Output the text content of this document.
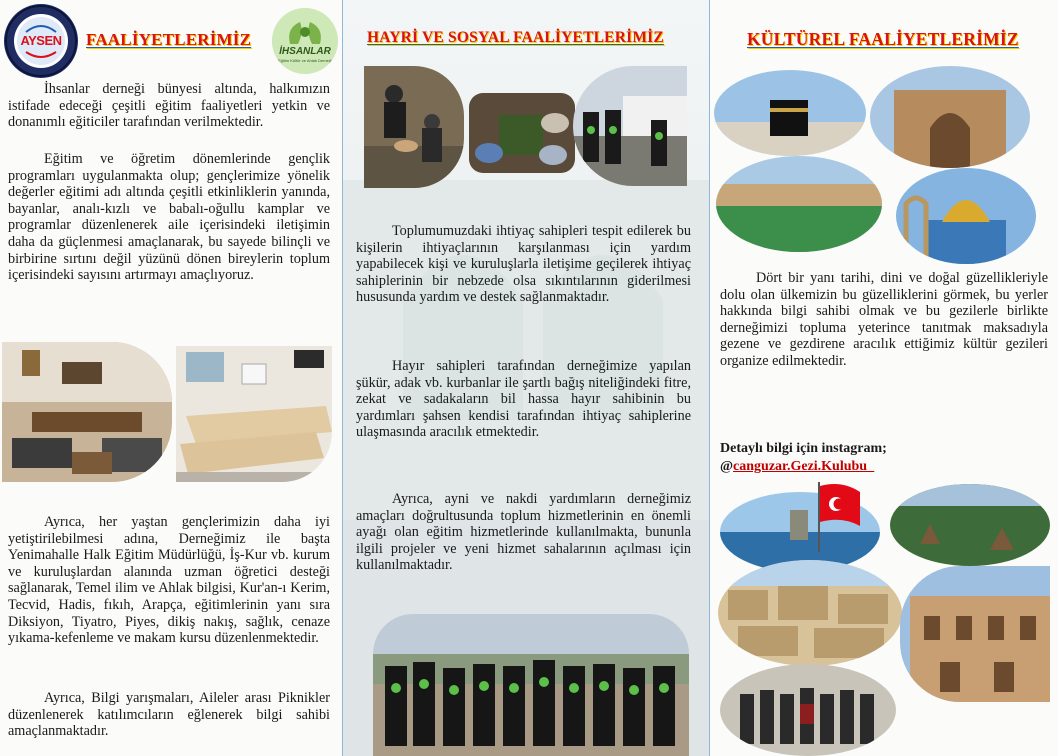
AYSEN	FAALİYETLERİMİZ
İHSANLAR
Eğitim Kültür ve Ahlak Derneği

İhsanlar derneği bünyesi altında, halkımızın istifade edeceği çeşitli eğitim faaliyetleri yetkin ve donanımlı eğiticiler tarafından verilmektedir.

Eğitim ve öğretim dönemlerinde gençlik programları uygulanmakta olup; gençlerimize yönelik değerler eğitimi adı altında çeşitli etkinliklerin yanında, bayanlar, analı-kızlı ve babalı-oğullu kamplar ve programlar düzenlenerek aile içerisindeki iletişimin daha da güçlenmesi amaçlanarak, bu sayede bilinçli ve birbirine sırtını değil yüzünü dönen bireylerin toplum içerisindeki sayısını artırmayı amaçlıyoruz.

Ayrıca, her yaştan gençlerimizin daha iyi yetiştirilebilmesi adına, Derneğimiz ile başta Yenimahalle Halk Eğitim Müdürlüğü, İş-Kur vb. kurum ve kuruluşlardan alanında uzman öğretici desteği sağlanarak, Temel ilim ve Ahlak bilgisi, Kur'an-ı Kerim, Tecvid, Hadis, fıkıh, Arapça, eğitimlerinin yanı sıra Diksiyon, Tiyatro, Piyes, dikiş nakış, sağlık, cenaze yıkama-kefenleme ve makam kursu düzenlenmektedir.

Ayrıca, Bilgi yarışmaları, Aileler arası Piknikler düzenlenerek katılımcıların eğlenerek bilgi sahibi amaçlanmaktadır.

HAYRİ VE SOSYAL FAALİYETLERİMİZ

Toplumumuzdaki ihtiyaç sahipleri tespit edilerek bu kişilerin ihtiyaçlarının karşılanması için yardım yapabilecek kişi ve kuruluşlarla iletişime geçilerek ihtiyaç sahiplerinin bir nebzede olsa sıkıntılarının giderilmesi hususunda yardım ve destek sağlanmaktadır.

Hayır sahipleri tarafından derneğimize yapılan şükür, adak vb. kurbanlar ile şartlı bağış niteliğindeki fitre, zekat ve sadakaların bil hassa hayır sahibinin bu yardımları şahsen kendisi tarafından ihtiyaç sahiplerine ulaşmasında aracılık etmektedir.

Ayrıca, ayni ve nakdi yardımların derneğimiz amaçları doğrultusunda toplum hizmetlerinin en önemli ayağı olan eğitim hizmetlerinde kullanılmakta, bununla ilgili projeler ve yeni hizmet sahalarının açılması için kullanılmaktadır.

KÜLTÜREL FAALİYETLERİMİZ

Dört bir yanı tarihi, dini ve doğal güzellikleriyle dolu olan ülkemizin bu güzelliklerini görmek, bu yerler hakkında bilgi sahibi olmak ve bu gezilerle birlikte derneğimizi topluma yeterince tanıtmak maksadıyla gezene ve gezdirene aracılık ettiğimiz kültür gezileri organize edilmektedir.

Detaylı bilgi için instagram;
@canguzar.Gezi.Kulubu_
